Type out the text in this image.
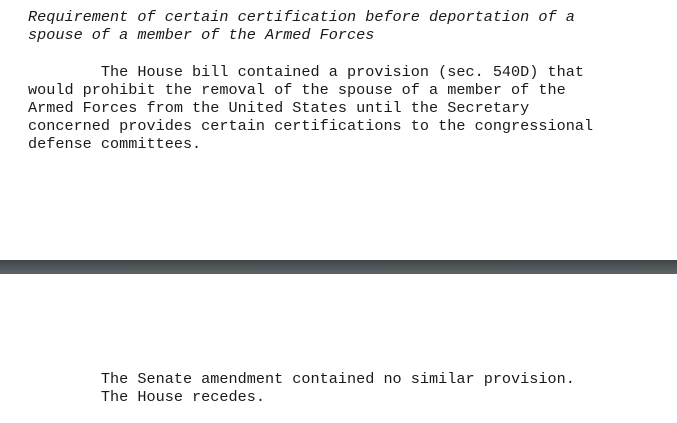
Requirement of certain certification before deportation of a
spouse of a member of the Armed Forces

The House bill contained a provision (sec. 540D) that
would prohibit the removal of the spouse of a member of the
Armed Forces from the United States until the Secretary
concerned provides certain certifications to the congressional
defense committees.

The Senate amendment contained no similar provision.
The House recedes.
